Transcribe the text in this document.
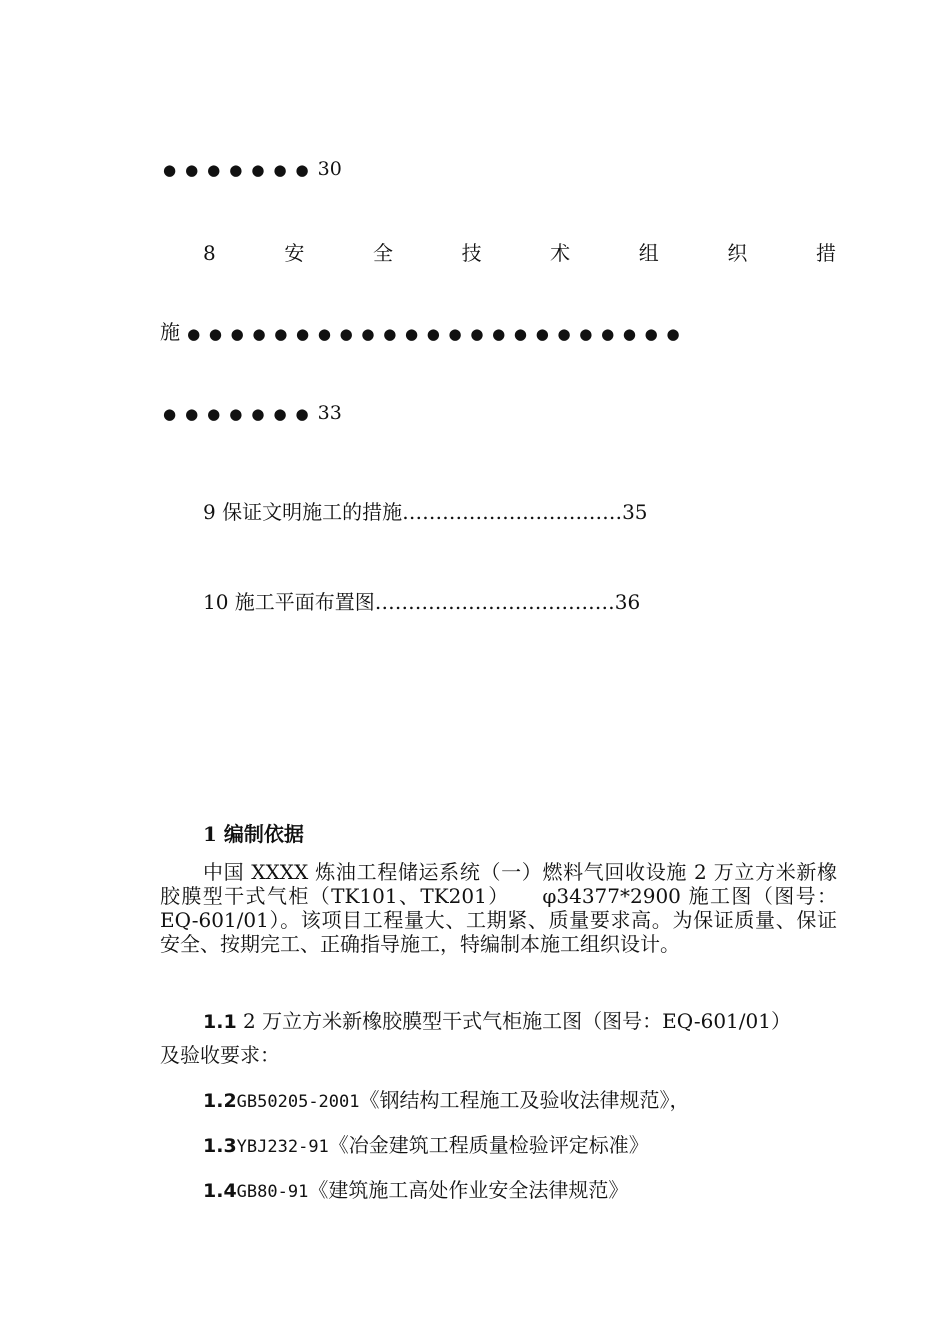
●●●●●●●30
8	安	全	技	术	组	织	措
施 ●●●●●●●●●●●●●●●●●●●●●●●
●●●●●●●33
9 保证文明施工的措施……………………………35
10 施工平面布置图………………………………36
1 编制依据
中国 XXXX 炼油工程储运系统（一）燃料气回收设施 2 万立方米新橡胶膜型干式气柜（TK101、TK201）　　φ34377*2900 施工图（图号：EQ-601/01）。该项目工程量大、工期紧、质量要求高。为保证质量、保证安全、按期完工、正确指导施工，特编制本施工组织设计。
1.1 2 万立方米新橡胶膜型干式气柜施工图（图号：EQ-601/01）
及验收要求：
1.2GB50205-2001《钢结构工程施工及验收法律规范》，
1.3YBJ232-91《冶金建筑工程质量检验评定标准》
1.4GB80-91《建筑施工高处作业安全法律规范》
